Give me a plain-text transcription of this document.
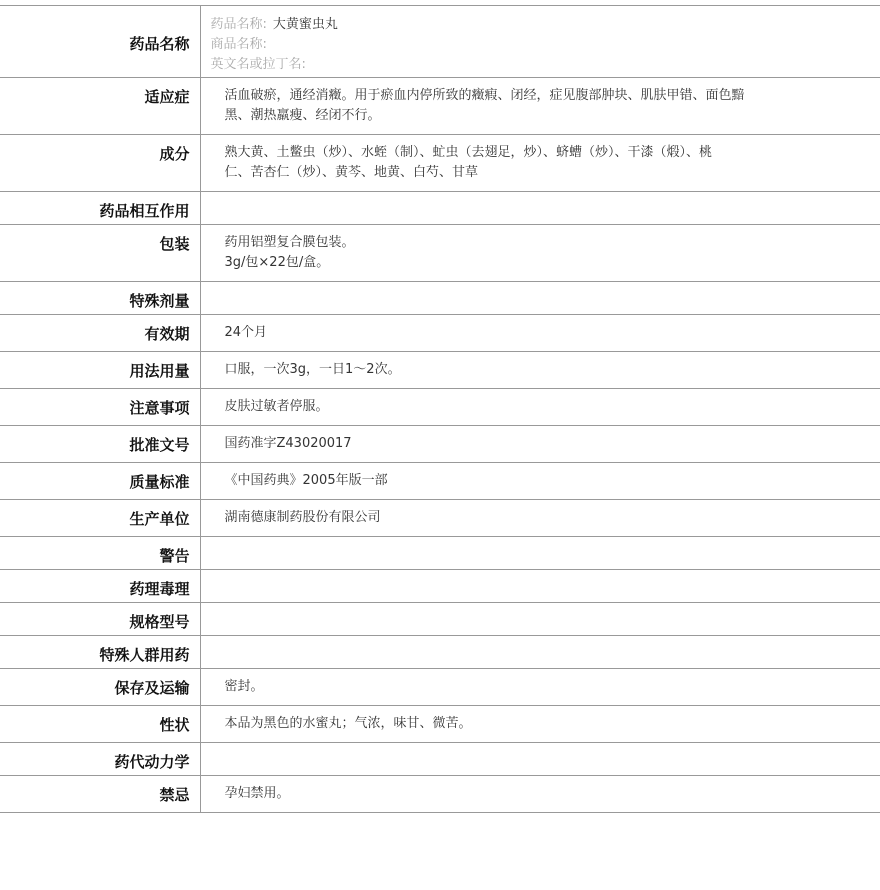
药品名称	药品名称: 大黄蜜虫丸
商品名称:
英文名或拉丁名:

适应症	活血破瘀，通经消癥。用于瘀血内停所致的癥瘕、闭经，症见腹部肿块、肌肤甲错、面色黯
黑、潮热羸瘦、经闭不行。

成分	熟大黄、土鳖虫（炒）、水蛭（制）、虻虫（去翅足，炒）、蛴螬（炒）、干漆（煅）、桃
仁、苦杏仁（炒）、黄芩、地黄、白芍、甘草

药品相互作用	
包装	药用铝塑复合膜包装。
3g/包×22包/盒。

特殊剂量	
有效期	24个月
用法用量	口服，一次3g，一日1～2次。
注意事项	皮肤过敏者停服。
批准文号	国药准字Z43020017
质量标准	《中国药典》2005年版一部
生产单位	湖南德康制药股份有限公司
警告	
药理毒理	
规格型号	
特殊人群用药	
保存及运输	密封。
性状	本品为黑色的水蜜丸；气浓，味甘、微苦。
药代动力学	
禁忌	孕妇禁用。
